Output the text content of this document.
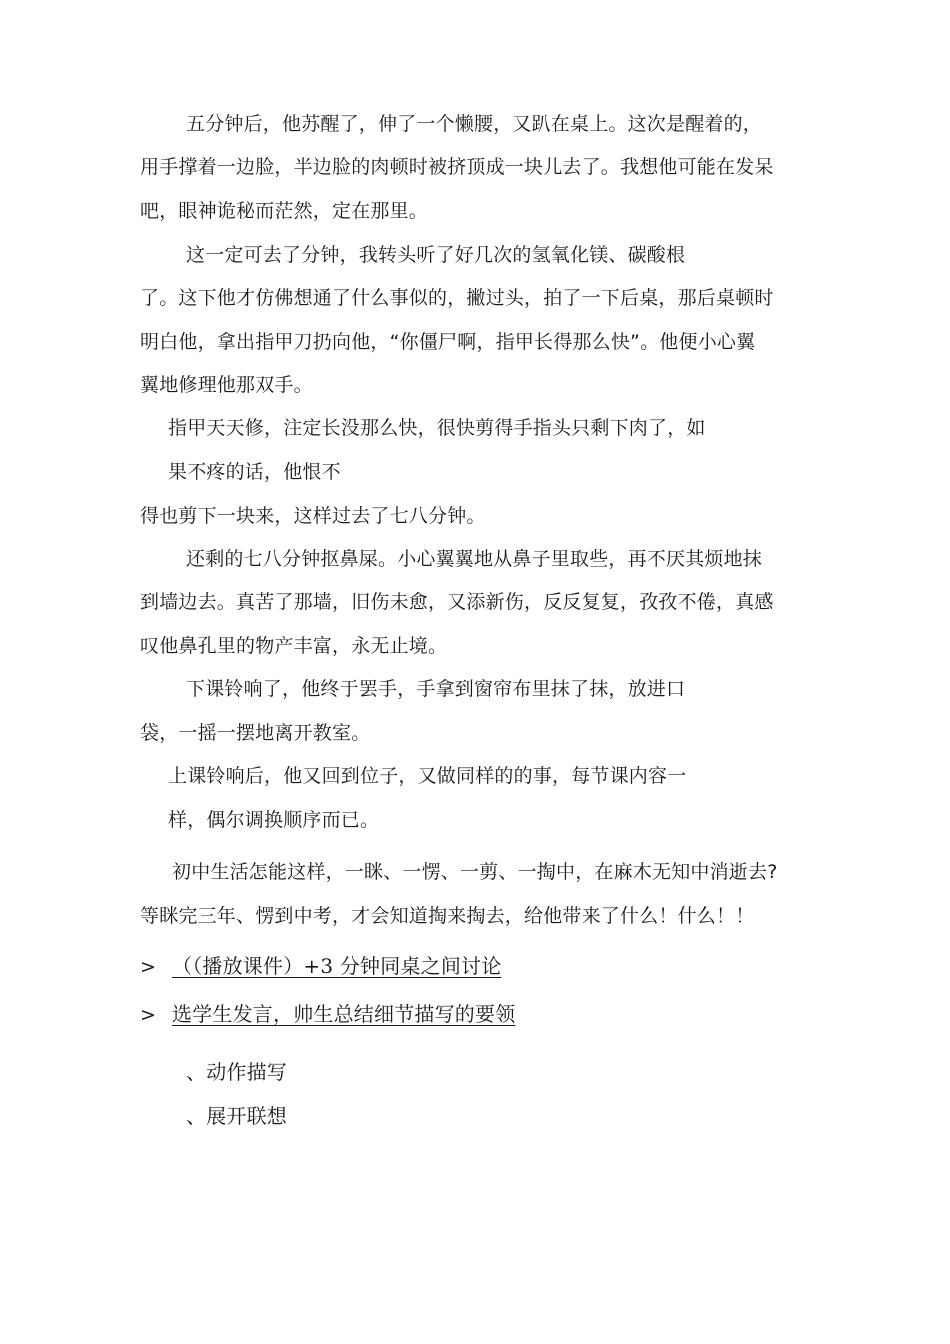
五分钟后，他苏醒了，伸了一个懒腰，又趴在桌上。这次是醒着的，
用手撑着一边脸，半边脸的肉顿时被挤顶成一块儿去了。我想他可能在发呆
吧，眼神诡秘而茫然，定在那里。
这一定可去了分钟，我转头听了好几次的氢氧化镁、碳酸根
了。这下他才仿佛想通了什么事似的，撇过头，拍了一下后桌，那后桌顿时
明白他，拿出指甲刀扔向他，“你僵尸啊，指甲长得那么快”。他便小心翼
翼地修理他那双手。
指甲天天修，注定长没那么快，很快剪得手指头只剩下肉了，如
果不疼的话，他恨不
得也剪下一块来，这样过去了七八分钟。
还剩的七八分钟抠鼻屎。小心翼翼地从鼻子里取些，再不厌其烦地抹
到墙边去。真苦了那墙，旧伤未愈，又添新伤，反反复复，孜孜不倦，真感
叹他鼻孔里的物产丰富，永无止境。
下课铃响了，他终于罢手，手拿到窗帘布里抹了抹，放进口
袋，一摇一摆地离开教室。
上课铃响后，他又回到位子，又做同样的的事，每节课内容一
样，偶尔调换顺序而已。
初中生活怎能这样，一眯、一愣、一剪、一掏中，在麻木无知中消逝去?
等眯完三年、愣到中考，才会知道掏来掏去，给他带来了什么！什么！！
> （（播放课件）+3 分钟同桌之间讨论
> 选学生发言，帅生总结细节描写的要领
、动作描写
、展开联想
